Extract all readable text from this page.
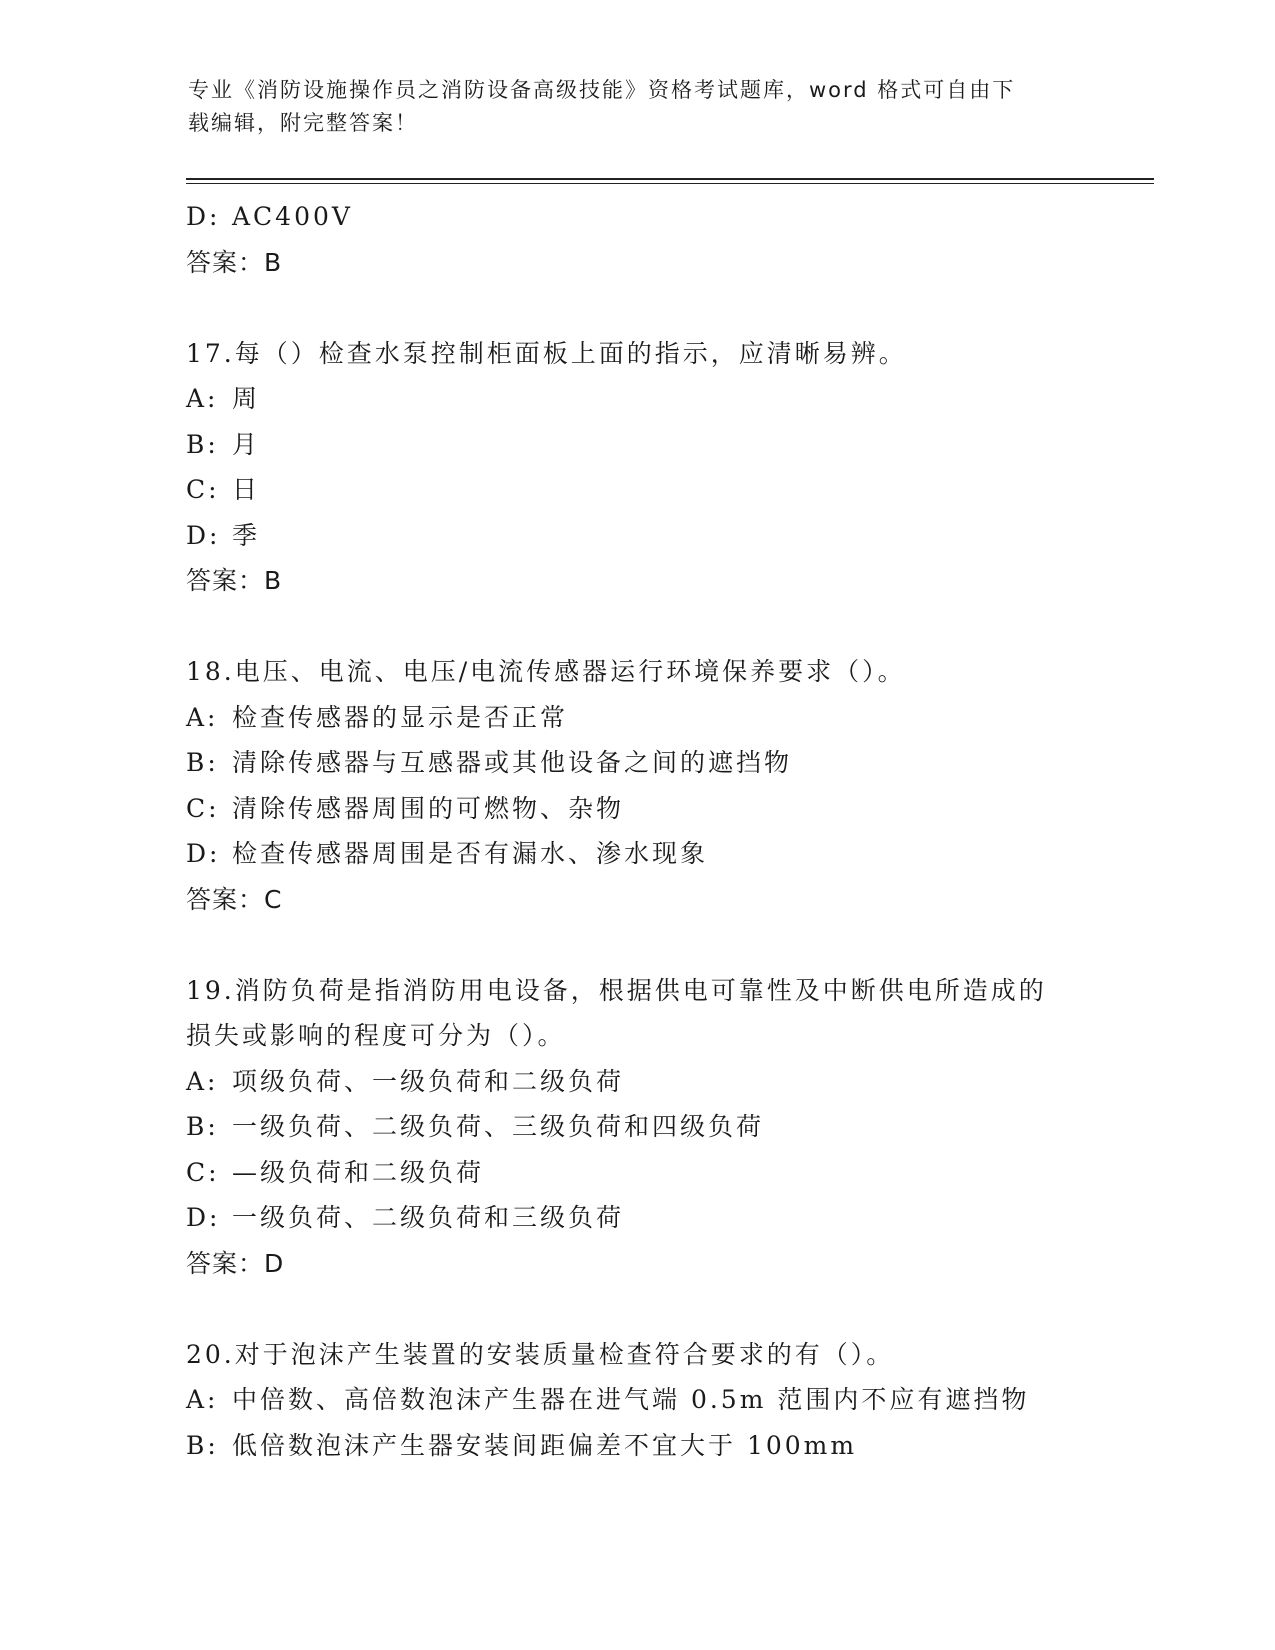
专业《消防设施操作员之消防设备高级技能》资格考试题库，word 格式可自由下
载编辑，附完整答案！
D: AC400V
答案：B
17.每（）检查水泵控制柜面板上面的指示，应清晰易辨。
A: 周
B: 月
C: 日
D: 季
答案：B
18.电压、电流、电压/电流传感器运行环境保养要求（）。
A: 检查传感器的显示是否正常
B: 清除传感器与互感器或其他设备之间的遮挡物
C: 清除传感器周围的可燃物、杂物
D: 检查传感器周围是否有漏水、渗水现象
答案：C
19.消防负荷是指消防用电设备，根据供电可靠性及中断供电所造成的
损失或影响的程度可分为（）。
A: 项级负荷、一级负荷和二级负荷
B: 一级负荷、二级负荷、三级负荷和四级负荷
C: —级负荷和二级负荷
D: 一级负荷、二级负荷和三级负荷
答案：D
20.对于泡沫产生装置的安装质量检查符合要求的有（）。
A: 中倍数、高倍数泡沫产生器在进气端 0.5m 范围内不应有遮挡物
B: 低倍数泡沫产生器安装间距偏差不宜大于 100mm
